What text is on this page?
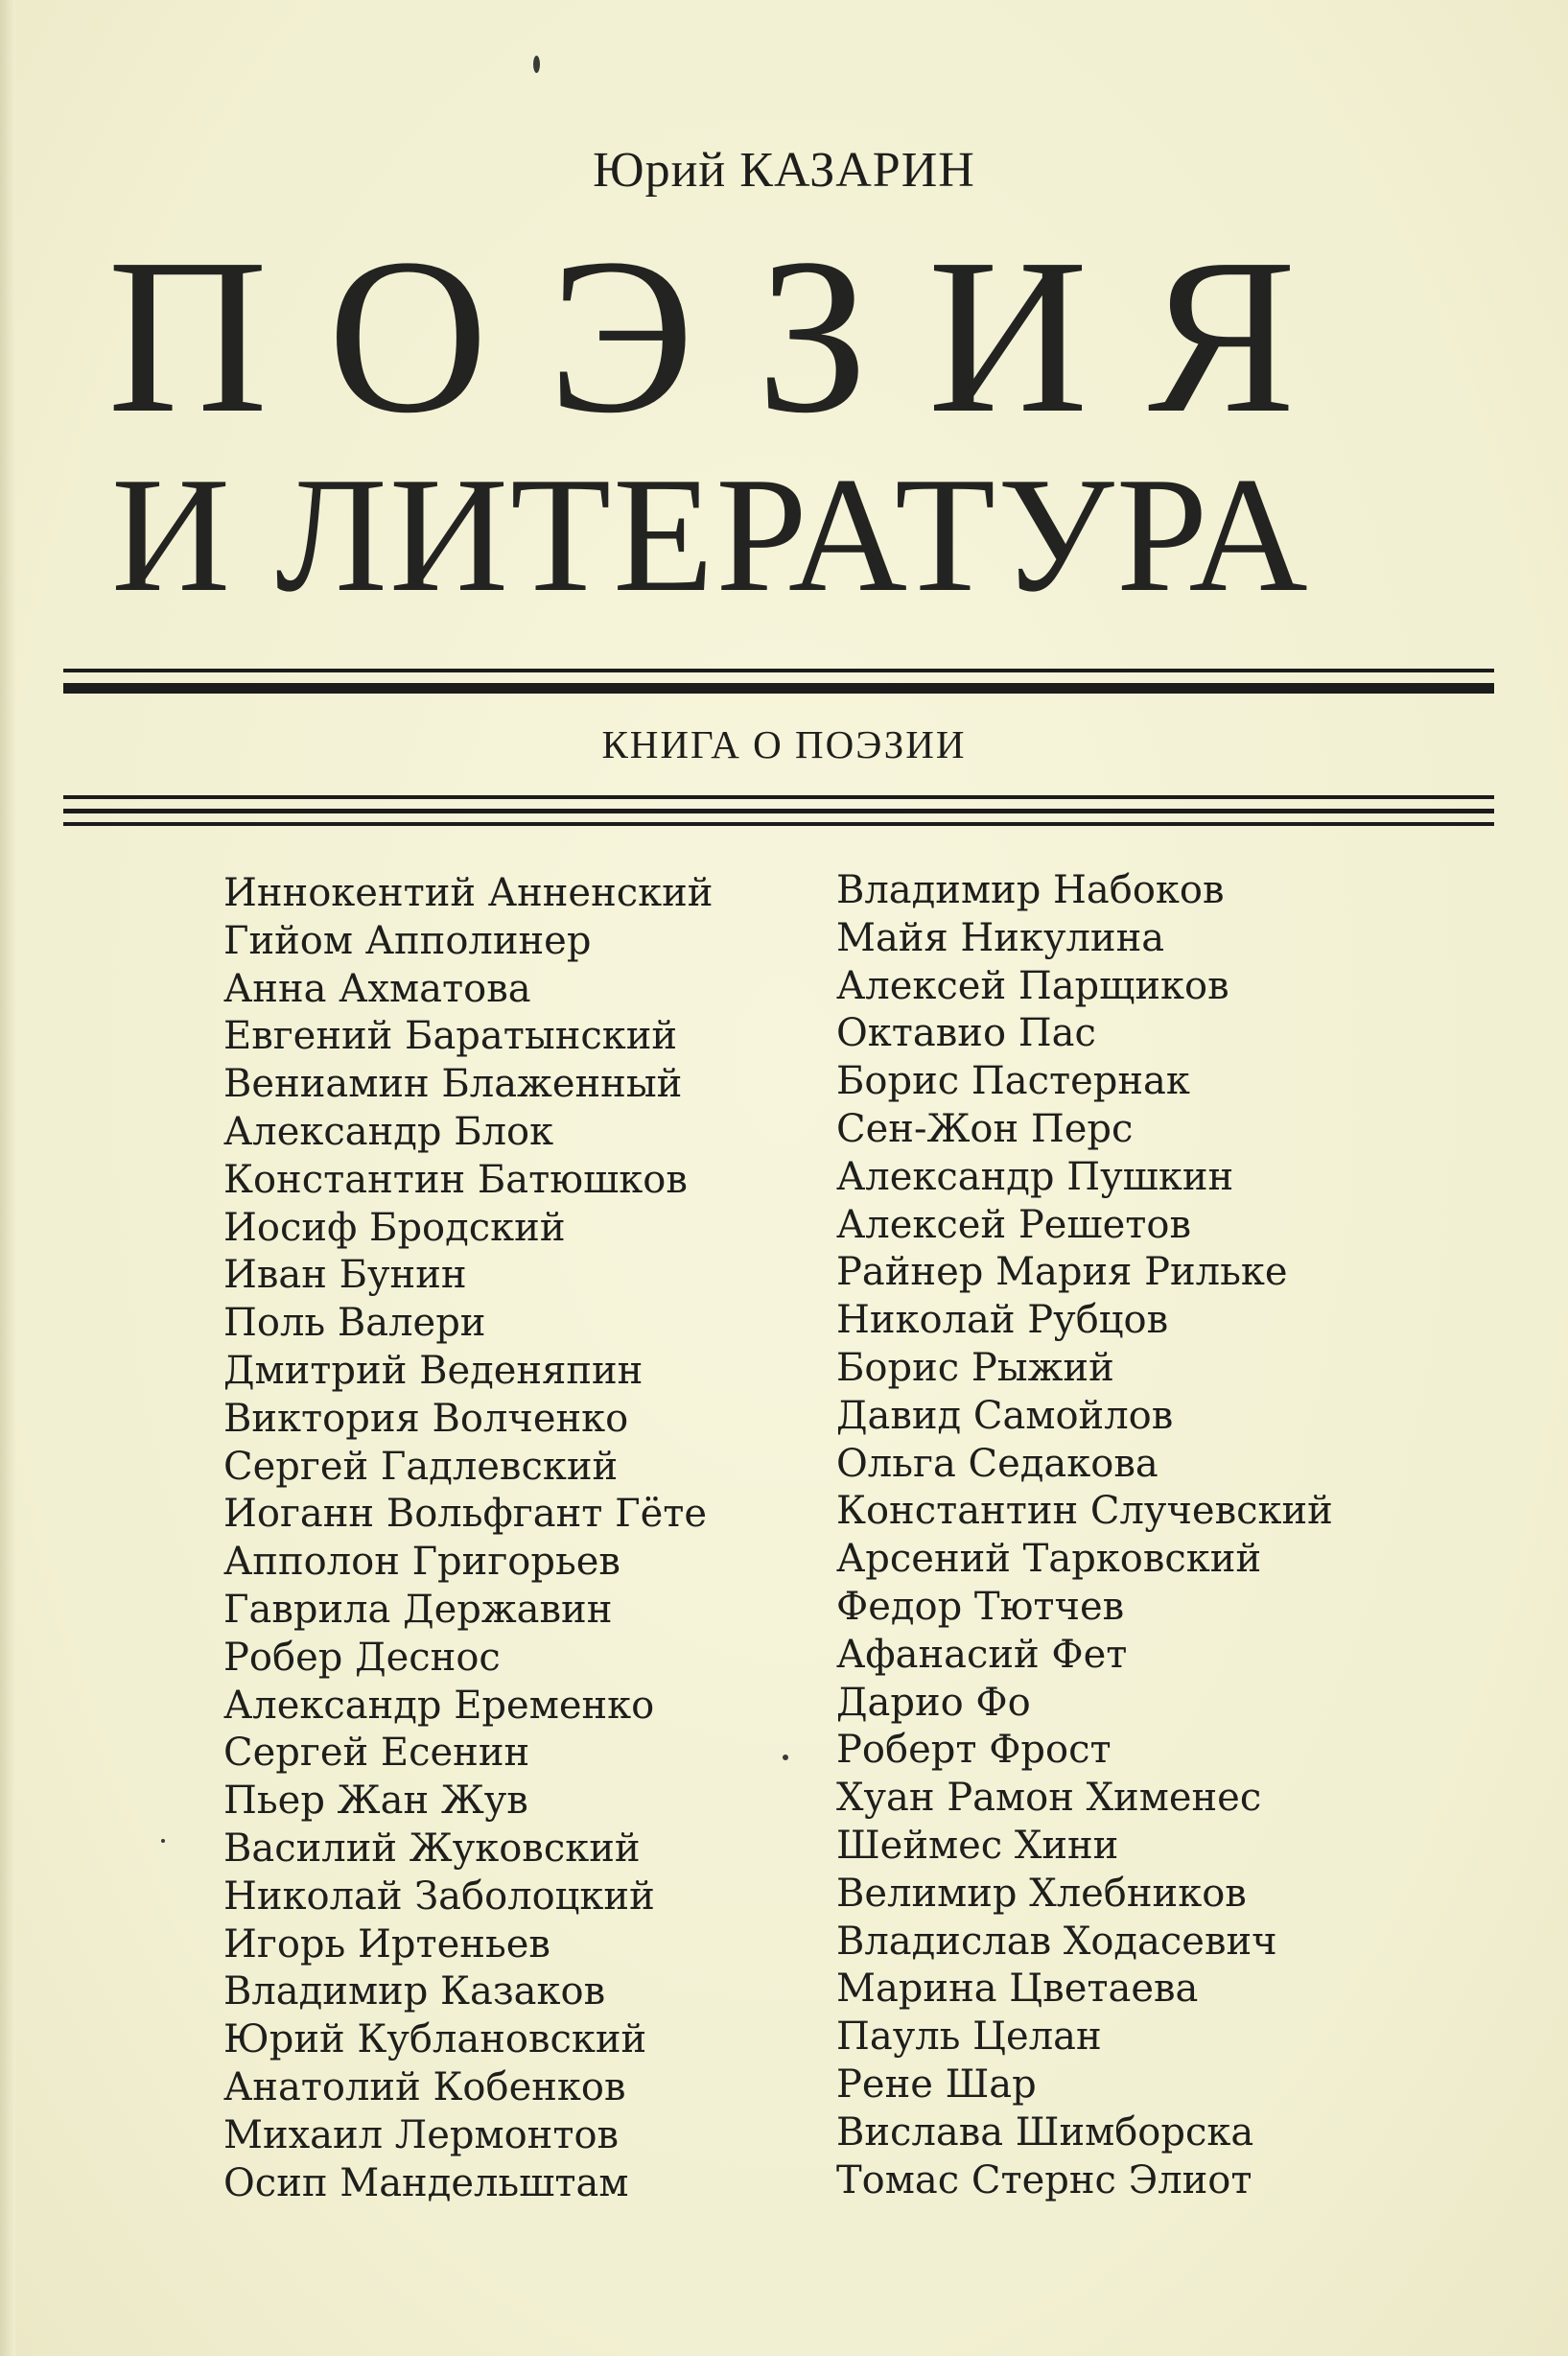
Юрий КАЗАРИН
ПОЭЗИЯ
И ЛИТЕРАТУРА
КНИГА О ПОЭЗИИ
Иннокентий Анненский
Гийом Апполинер
Анна Ахматова
Евгений Баратынский
Вениамин Блаженный
Александр Блок
Константин Батюшков
Иосиф Бродский
Иван Бунин
Поль Валери
Дмитрий Веденяпин
Виктория Волченко
Сергей Гадлевский
Иоганн Вольфгант Гёте
Апполон Григорьев
Гаврила Державин
Робер Деснос
Александр Еременко
Сергей Есенин
Пьер Жан Жув
Василий Жуковский
Николай Заболоцкий
Игорь Иртеньев
Владимир Казаков
Юрий Кублановский
Анатолий Кобенков
Михаил Лермонтов
Осип Мандельштам
Владимир Набоков
Майя Никулина
Алексей Парщиков
Октавио Пас
Борис Пастернак
Сен-Жон Перс
Александр Пушкин
Алексей Решетов
Райнер Мария Рильке
Николай Рубцов
Борис Рыжий
Давид Самойлов
Ольга Седакова
Константин Случевский
Арсений Тарковский
Федор Тютчев
Афанасий Фет
Дарио Фо
Роберт Фрост
Хуан Рамон Хименес
Шеймес Хини
Велимир Хлебников
Владислав Ходасевич
Марина Цветаева
Пауль Целан
Рене Шар
Вислава Шимборска
Томас Стернс Элиот
